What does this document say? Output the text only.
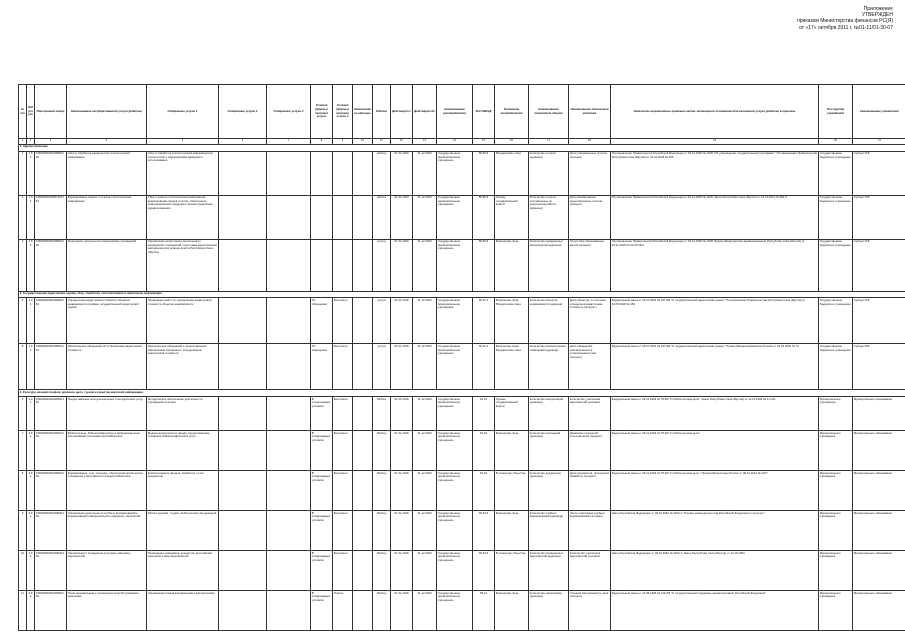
Приложение
УТВЕРЖДЕН
приказом Министерства финансов РС(Я)
от «17» октября 2011 г. №01-11/01-30-07
№ п/п	Код услуги	Реестровый номер	Наименование государственной услуги (работы)	Содержание услуги 1	Содержание услуги 2	Содержание услуги 3	Условия (формы) оказания услуги	Условия (формы) оказания услуги 2	Наименование единицы	Работа	Действует с	Действует до	Наименование распорядителя	Код ОКВЭД	Категории потребителей	Наименование показателя объема	Наименование показателя качества	Реквизиты нормативных правовых актов, являющихся основанием для включения услуги (работы) в перечень	Тип (группа) учреждений	Наименование учредителя
1	2	3	4	5	6	7	8	9	10	11	12	13	14	15	16	17	18	19	20	21
1. Здравоохранение																				
1	1.01	0160000000004890F164	Сбор и обработка медицинской статистической информации	Сбор и обработка статистической информации (в соответствии с медицинскими данными) и использование						работа	01.01.2020	31.12.2020	Государственное (муниципальное) учреждение	86.90.9	Юридические лица	Количество отчетов (единица)	Доля утвержденных отчетов (процент)	Постановление Правительства Российской Федерации от 26.12.2020 № 2228 "Об утверждении государственной программы"; Постановление Правительства Республики Саха (Якутия) от 31.10.2018 № 309	Государственное бюджетное учреждение	Субъект РФ
2	1.02	0160000000005741F164	Формирование сводов и отчетов статистической информации	Сбор и анализ статистической информации, формирование сводов отчетов, обеспечение информационной поддержки органов управления здравоохранения						работа	01.01.2020	31.12.2020	Государственное (муниципальное) учреждение	86.90.9	Органы государственной власти	Количество отчетов, составленных по результатам работы (единица)	Доля своевременно представленных отчетов (процент)	Постановление Правительства Российской Федерации от 26.12.2020 № 2228; Закон Республики Саха (Якутия) от 15.12.2011 № 999-З	Государственное бюджетное учреждение	Субъект РФ
3	1.03	0160000000004800F164	Мониторинг деятельности медицинских учреждений	Организация мониторинга деятельности медицинских учреждений, подготовка аналитических материалов для органов власти Республики Саха (Якутия)						услуга	01.01.2020	31.12.2020	Государственное (муниципальное) учреждение	86.90.9	Физические лица	Количество проведенных мониторингов (единица)	Отсутствие обоснованных жалоб (процент)	Постановление Правительства Российской Федерации от 26.12.2020 № 2228; Приказ Министерства здравоохранения Республики Саха (Якутия) от 20.11.2019 № 01-07/1611	Государственное бюджетное учреждение	Субъект РФ
2. Государственная кадастровая оценка, сбор, обработка, систематизация и накопление информации																				
4	2.01	0160000000004890F164	Определение кадастровой стоимости объектов недвижимости в рамках государственной кадастровой оценки	Проведение работ по определению кадастровой стоимости объектов недвижимости			По обращению	Бесплатно		услуга	01.01.2018	31.12.2020	Государственное (муниципальное) учреждение	84.11.3	Физические лица; Юридические лица	Количество объектов недвижимости (единица)	Доля объектов, по которым определена кадастровая стоимость (процент)	Федеральный закон от 03.07.2016 № 237-ФЗ "О государственной кадастровой оценке"; Постановление Правительства Республики Саха (Якутия) от 14.05.2018 № 150	Государственное бюджетное учреждение	Субъект РФ
5	2.02	0160000000004891F164	Рассмотрение обращений об установлении кадастровой стоимости	Рассмотрение обращений и предоставление разъяснений, связанных с определением кадастровой стоимости			По обращению	Бесплатно		услуга	01.01.2018	31.12.2020	Государственное (муниципальное) учреждение	84.11.3	Физические лица; Юридические лица	Количество рассмотренных обращений (единица)	Доля обращений, рассмотренных в установленный срок (процент)	Федеральный закон от 03.07.2016 № 237-ФЗ "О государственной кадастровой оценке"; Приказ Минэкономразвития России от 19.02.2018 № 73	Государственное бюджетное учреждение	Субъект РФ
3. Культура, кинематография, архивное дело, туризм и средства массовой информации																				
6	3.01	0160000000004900F164	Предоставление консультационных и методических услуг	Методическое обеспечение деятельности учреждений культуры			В стационарных условиях	Бесплатно		Работа	01.01.2018	31.12.2020	Государственное (муниципальное) учреждение	91.01	Органы государственной власти	Количество консультаций (единица)	Количество участников мероприятий (человек)	Федеральный закон от 29.12.1994 № 78-ФЗ "О библиотечном деле"; Закон Республики Саха (Якутия) от 12.10.1994 № 1-3-ЗС	Муниципальное учреждение	Муниципальное образование
7	3.02	0160000000004901F164	Библиотечное, библиографическое и информационное обслуживание пользователей библиотеки	Выдача документов из фонда, предоставление справочно-библиографических услуг			В стационарных условиях	Бесплатно		Работа	01.01.2018	31.12.2020	Государственное (муниципальное) учреждение	91.01	Физические лица	Количество посещений (единица)	Динамика посещений пользователей (процент)	Федеральный закон от 29.12.1994 № 78-ФЗ "О библиотечном деле"	Муниципальное учреждение	Муниципальное образование
8	3.03	0160000000004902F164	Формирование, учет, изучение, обеспечение физического сохранения и безопасности фондов библиотеки	Комплектование фондов, обработка и учет документов			В стационарных условиях	Бесплатно		Работа	01.01.2018	31.12.2020	Государственное (муниципальное) учреждение	91.01	В интересах общества	Количество документов (единица)	Доля документов, прошедших обработку (процент)	Федеральный закон от 29.12.1994 № 78-ФЗ "О библиотечном деле"; Приказ Минкультуры России от 08.10.2012 № 1077	Муниципальное учреждение	Муниципальное образование
9	3.04	0160000000004903F164	Организация деятельности клубных формирований и формирований самодеятельного народного творчества	Работа кружков, студий, любительских объединений			В стационарных условиях	Бесплатно		Работа	01.01.2018	31.12.2020	Государственное (муниципальное) учреждение	90.04.3	Физические лица	Количество клубных формирований (единица)	Число участников клубных формирований (человек)	Закон Российской Федерации от 09.10.1992 № 3612-1 "Основы законодательства Российской Федерации о культуре"	Муниципальное учреждение	Муниципальное образование
10	3.05	0160000000004904F164	Организация и проведение культурно-массовых мероприятий	Проведение праздников, концертов, фестивалей, конкурсов и иных мероприятий			В стационарных условиях	Бесплатно		Работа	01.01.2018	31.12.2020	Государственное (муниципальное) учреждение	90.04.3	В интересах общества	Количество проведенных мероприятий (единица)	Количество участников мероприятий (человек)	Закон Российской Федерации от 09.10.1992 № 3612-1; Закон Республики Саха (Якутия) от 12.10.1994	Муниципальное учреждение	Муниципальное образование
11	3.06	0160000000004905F164	Показ кинофильмов и организация кинообслуживания населения	Организация показа кинофильмов и кинопрограмм			В стационарных условиях	Платно		Работа	01.01.2018	31.12.2020	Государственное (муниципальное) учреждение	59.14	Физические лица	Количество кинопоказов (единица)	Средняя заполняемость зала (процент)	Федеральный закон от 22.08.1996 № 126-ФЗ "О государственной поддержке кинематографии Российской Федерации"	Муниципальное учреждение	Муниципальное образование
